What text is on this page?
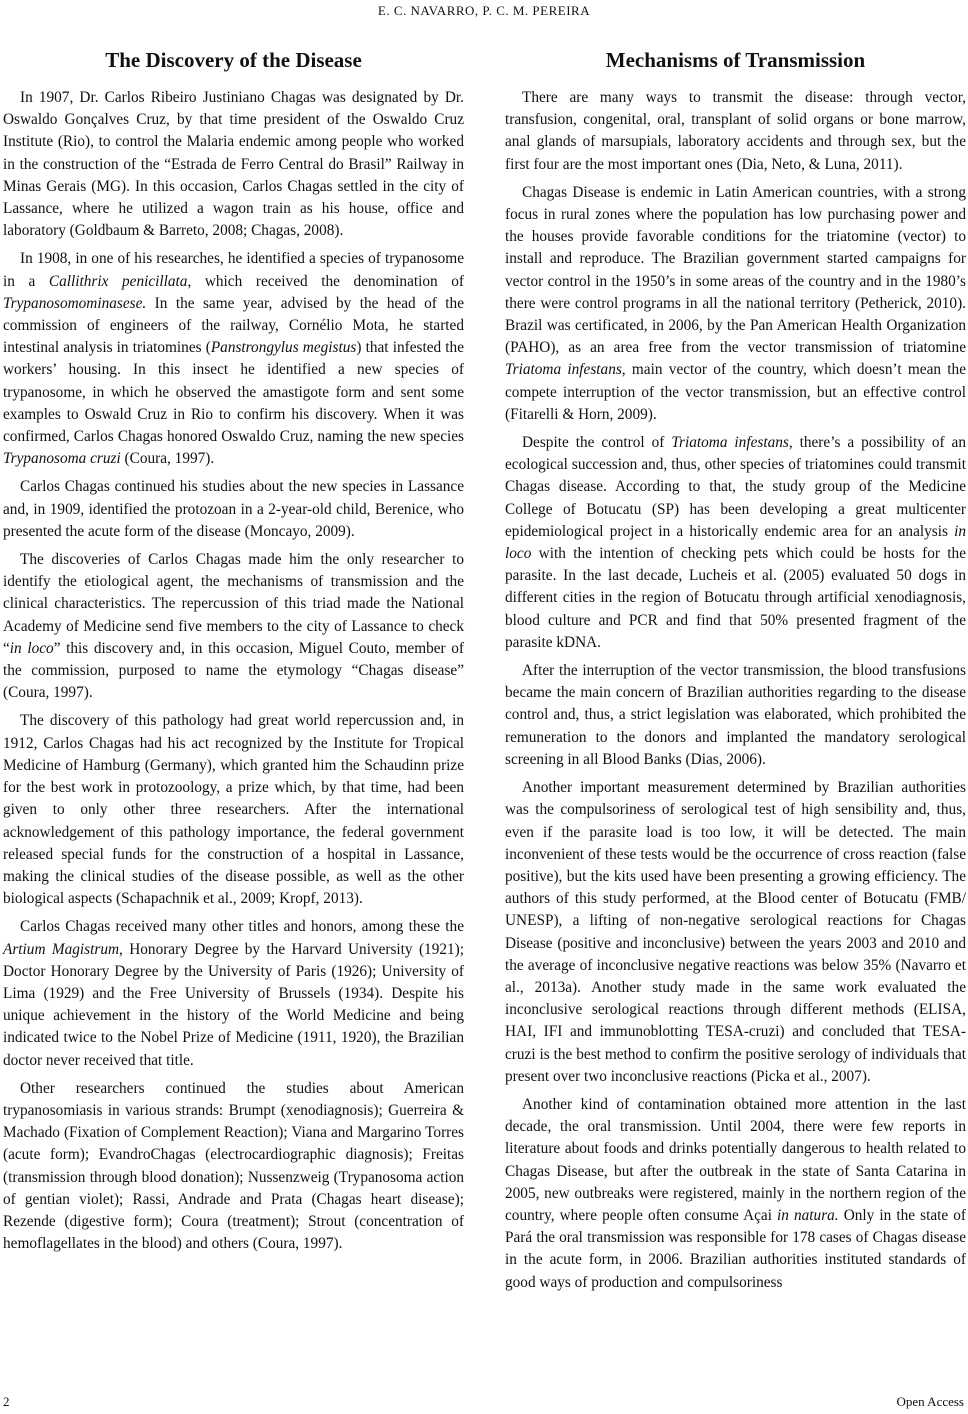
E. C. NAVARRO, P. C. M. PEREIRA
The Discovery of the Disease

In 1907, Dr. Carlos Ribeiro Justiniano Chagas was designated by Dr. Oswaldo Gonçalves Cruz, by that time president of the Oswaldo Cruz Institute (Rio), to control the Malaria endemic among people who worked in the construction of the “Estrada de Ferro Central do Brasil” Railway in Minas Gerais (MG). In this occasion, Carlos Chagas settled in the city of Lassance, where he utilized a wagon train as his house, office and laboratory (Goldbaum & Barreto, 2008; Chagas, 2008).

In 1908, in one of his researches, he identified a species of trypanosome in a Callithrix penicillata, which received the denomination of Trypanosomominasese. In the same year, advised by the head of the commission of engineers of the railway, Cornélio Mota, he started intestinal analysis in triatomines (Panstrongylus megistus) that infested the workers’ housing. In this insect he identified a new species of trypanosome, in which he observed the amastigote form and sent some examples to Oswald Cruz in Rio to confirm his discovery. When it was confirmed, Carlos Chagas honored Oswaldo Cruz, naming the new species Trypanosoma cruzi (Coura, 1997).

Carlos Chagas continued his studies about the new species in Lassance and, in 1909, identified the protozoan in a 2-year-old child, Berenice, who presented the acute form of the disease (Moncayo, 2009).

The discoveries of Carlos Chagas made him the only researcher to identify the etiological agent, the mechanisms of transmission and the clinical characteristics. The repercussion of this triad made the National Academy of Medicine send five members to the city of Lassance to check “in loco” this discovery and, in this occasion, Miguel Couto, member of the commission, purposed to name the etymology “Chagas disease” (Coura, 1997).

The discovery of this pathology had great world repercussion and, in 1912, Carlos Chagas had his act recognized by the Institute for Tropical Medicine of Hamburg (Germany), which granted him the Schaudinn prize for the best work in protozoology, a prize which, by that time, had been given to only other three researchers. After the international acknowledgement of this pathology importance, the federal government released special funds for the construction of a hospital in Lassance, making the clinical studies of the disease possible, as well as the other biological aspects (Schapachnik et al., 2009; Kropf, 2013).

Carlos Chagas received many other titles and honors, among these the Artium Magistrum, Honorary Degree by the Harvard University (1921); Doctor Honorary Degree by the University of Paris (1926); University of Lima (1929) and the Free University of Brussels (1934). Despite his unique achievement in the history of the World Medicine and being indicated twice to the Nobel Prize of Medicine (1911, 1920), the Brazilian doctor never received that title.

Other researchers continued the studies about American trypanosomiasis in various strands: Brumpt (xenodiagnosis); Guerreira & Machado (Fixation of Complement Reaction); Viana and Margarino Torres (acute form); EvandroChagas (electrocardiographic diagnosis); Freitas (transmission through blood donation); Nussenzweig (Trypanosoma action of gentian violet); Rassi, Andrade and Prata (Chagas heart disease); Rezende (digestive form); Coura (treatment); Strout (concentration of hemoflagellates in the blood) and others (Coura, 1997).

Mechanisms of Transmission

There are many ways to transmit the disease: through vector, transfusion, congenital, oral, transplant of solid organs or bone marrow, anal glands of marsupials, laboratory accidents and through sex, but the first four are the most important ones (Dia, Neto, & Luna, 2011).

Chagas Disease is endemic in Latin American countries, with a strong focus in rural zones where the population has low purchasing power and the houses provide favorable conditions for the triatomine (vector) to install and reproduce. The Brazilian government started campaigns for vector control in the 1950’s in some areas of the country and in the 1980’s there were control programs in all the national territory (Petherick, 2010). Brazil was certificated, in 2006, by the Pan American Health Organization (PAHO), as an area free from the vector transmission of triatomine Triatoma infestans, main vector of the country, which doesn’t mean the compete interruption of the vector transmission, but an effective control (Fitarelli & Horn, 2009).

Despite the control of Triatoma infestans, there’s a possibility of an ecological succession and, thus, other species of triatomines could transmit Chagas disease. According to that, the study group of the Medicine College of Botucatu (SP) has been developing a great multicenter epidemiological project in a historically endemic area for an analysis in loco with the intention of checking pets which could be hosts for the parasite. In the last decade, Lucheis et al. (2005) evaluated 50 dogs in different cities in the region of Botucatu through artificial xenodiagnosis, blood culture and PCR and find that 50% presented fragment of the parasite kDNA.

After the interruption of the vector transmission, the blood transfusions became the main concern of Brazilian authorities regarding to the disease control and, thus, a strict legislation was elaborated, which prohibited the remuneration to the donors and implanted the mandatory serological screening in all Blood Banks (Dias, 2006).

Another important measurement determined by Brazilian authorities was the compulsoriness of serological test of high sensibility and, thus, even if the parasite load is too low, it will be detected. The main inconvenient of these tests would be the occurrence of cross reaction (false positive), but the kits used have been presenting a growing efficiency. The authors of this study performed, at the Blood center of Botucatu (FMB/ UNESP), a lifting of non-negative serological reactions for Chagas Disease (positive and inconclusive) between the years 2003 and 2010 and the average of inconclusive negative reactions was below 35% (Navarro et al., 2013a). Another study made in the same work evaluated the inconclusive serological reactions through different methods (ELISA, HAI, IFI and immunoblotting TESA-cruzi) and concluded that TESA-cruzi is the best method to confirm the positive serology of individuals that present over two inconclusive reactions (Picka et al., 2007).

Another kind of contamination obtained more attention in the last decade, the oral transmission. Until 2004, there were few reports in literature about foods and drinks potentially dangerous to health related to Chagas Disease, but after the outbreak in the state of Santa Catarina in 2005, new outbreaks were registered, mainly in the northern region of the country, where people often consume Açai in natura. Only in the state of Pará the oral transmission was responsible for 178 cases of Chagas disease in the acute form, in 2006. Brazilian authorities instituted standards of good ways of production and compulsoriness

2	Open Access
